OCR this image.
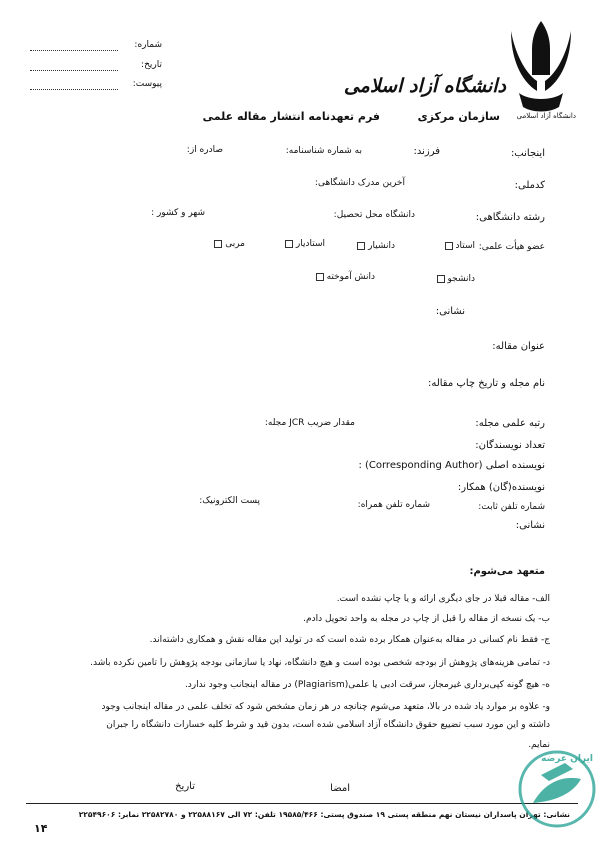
شماره:
تاریخ:
پیوست:
دانشگاه آزاد اسلامی
دانشگاه آزاد اسلامی
سازمان مرکزی
فرم تعهدنامه انتشار مقاله علمی
اینجانب:
فرزند:
به شماره شناسنامه:
صادره از:
کدملی:
آخرین مدرک دانشگاهی:
رشته دانشگاهی:
دانشگاه محل تحصیل:
شهر و کشور :
عضو هیأت علمی:
استاد
دانشیار
استادیار
مربی
دانشجو
دانش آموخته
نشانی:
عنوان مقاله:
نام مجله و تاریخ چاپ مقاله:
رتبه علمی مجله:
مقدار ضریب JCR مجله:
تعداد نویسندگان:
نویسنده اصلی (Corresponding Author) :
نویسنده(گان) همکار:
شماره تلفن ثابت:
شماره تلفن همراه:
پست الکترونیک:
نشانی:
متعهد می‌شوم:
الف- مقاله قبلا در جای دیگری ارائه و یا چاپ نشده است.
ب- یک نسخه از مقاله را قبل از چاپ در مجله به واحد تحویل دادم.
ج- فقط نام کسانی در مقاله به‌عنوان همکار برده شده است که در تولید این مقاله نقش و همکاری داشته‌اند.
د- تمامی هزینه‌های پژوهش از بودجه شخصی بوده است و هیچ دانشگاه، نهاد یا سازمانی بودجه پژوهش را تامین نکرده باشد.
ه- هیچ گونه کپی‌برداری غیرمجاز، سرقت ادبی یا علمی(Plagiarism) در مقاله اینجانب وجود ندارد.
و- علاوه بر موارد یاد شده در بالا، متعهد می‌شوم چنانچه در هر زمان مشخص شود که تخلف علمی در مقاله اینجانب وجود
داشته و این مورد سبب تضییع حقوق دانشگاه آزاد اسلامی شده است، بدون قید و شرط کلیه خسارات دانشگاه را جبران
نمایم.
امضا
تاریخ
نشانی: تهران پاسداران نیستان نهم منطقه پستی ۱۹ صندوق پستی: ۱۹۵۸۵/۴۶۶ تلفن: ۷۲ الی ۲۲۵۸۸۱۶۷ و ۲۲۵۸۲۷۸۰ نمابر: ۲۲۵۴۹۶۰۶
۱۴
ایران عرضه
